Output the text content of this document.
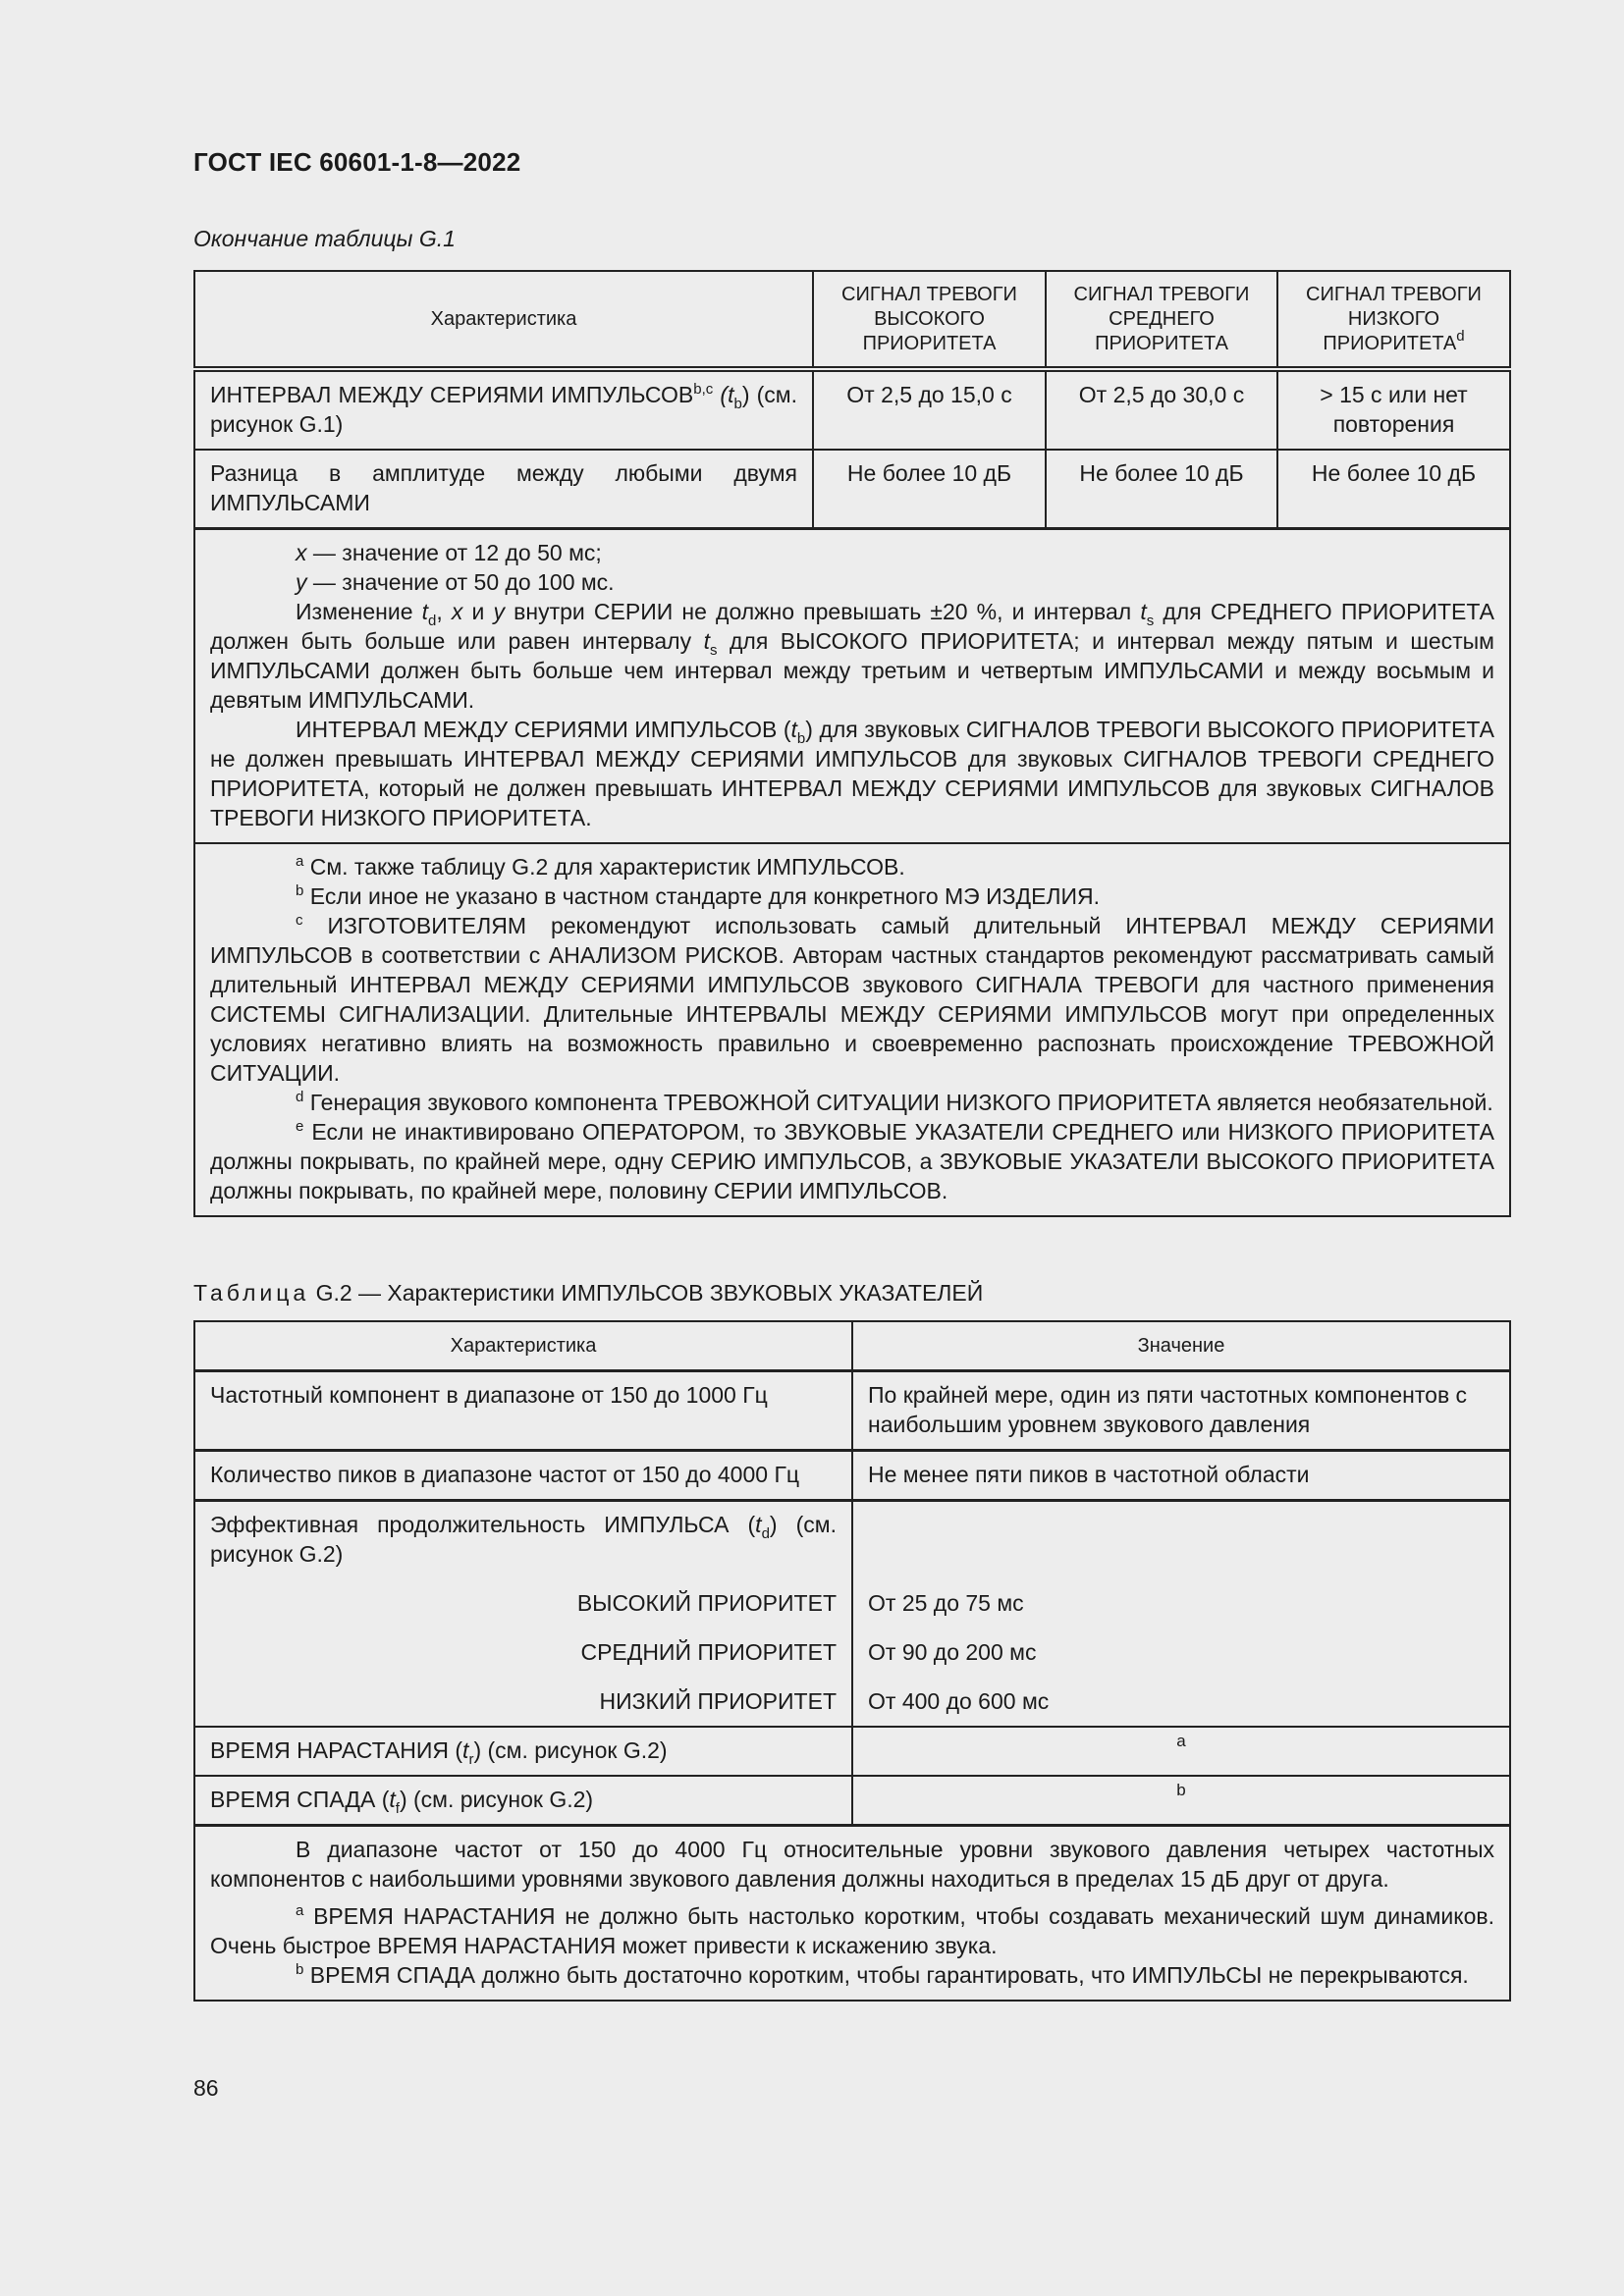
ГОСТ IEC 60601-1-8—2022
Окончание таблицы G.1
Характеристика	СИГНАЛ ТРЕВОГИ ВЫСОКОГО ПРИОРИТЕТА	СИГНАЛ ТРЕВОГИ СРЕДНЕГО ПРИОРИТЕТА	СИГНАЛ ТРЕВОГИ НИЗКОГО ПРИОРИТЕТА$^d$
ИНТЕРВАЛ МЕЖДУ СЕРИЯМИ ИМПУЛЬСОВ$^{b,c}$ $(t_b)$ (см. рисунок G.1)	От 2,5 до 15,0 с	От 2,5 до 30,0 с	> 15 с или нет повторения
Разница в амплитуде между любыми двумя ИМПУЛЬСАМИ	Не более 10 дБ	Не более 10 дБ	Не более 10 дБ

x — значение от 12 до 50 мс;

y — значение от 50 до 100 мс.

Изменение $t_d$, x и y внутри СЕРИИ не должно превышать ±20 %, и интервал $t_s$ для СРЕДНЕГО ПРИОРИТЕТА должен быть больше или равен интервалу $t_s$ для ВЫСОКОГО ПРИОРИТЕТА; и интервал между пятым и шестым ИМПУЛЬСАМИ должен быть больше чем интервал между третьим и четвертым ИМПУЛЬСАМИ и между восьмым и девятым ИМПУЛЬСАМИ.

ИНТЕРВАЛ МЕЖДУ СЕРИЯМИ ИМПУЛЬСОВ $(t_b)$ для звуковых СИГНАЛОВ ТРЕВОГИ ВЫСОКОГО ПРИОРИТЕТА не должен превышать ИНТЕРВАЛ МЕЖДУ СЕРИЯМИ ИМПУЛЬСОВ для звуковых СИГНАЛОВ ТРЕВОГИ СРЕДНЕГО ПРИОРИТЕТА, который не должен превышать ИНТЕРВАЛ МЕЖДУ СЕРИЯМИ ИМПУЛЬСОВ для звуковых СИГНАЛОВ ТРЕВОГИ НИЗКОГО ПРИОРИТЕТА.			

$^a$ См. также таблицу G.2 для характеристик ИМПУЛЬСОВ.

$^b$ Если иное не указано в частном стандарте для конкретного МЭ ИЗДЕЛИЯ.

$^c$ ИЗГОТОВИТЕЛЯМ рекомендуют использовать самый длительный ИНТЕРВАЛ МЕЖДУ СЕРИЯМИ ИМПУЛЬСОВ в соответствии с АНАЛИЗОМ РИСКОВ. Авторам частных стандартов рекомендуют рассматривать самый длительный ИНТЕРВАЛ МЕЖДУ СЕРИЯМИ ИМПУЛЬСОВ звукового СИГНАЛА ТРЕВОГИ для частного применения СИСТЕМЫ СИГНАЛИЗАЦИИ. Длительные ИНТЕРВАЛЫ МЕЖДУ СЕРИЯМИ ИМПУЛЬСОВ могут при определенных условиях негативно влиять на возможность правильно и своевременно распознать происхождение ТРЕВОЖНОЙ СИТУАЦИИ.

$^d$ Генерация звукового компонента ТРЕВОЖНОЙ СИТУАЦИИ НИЗКОГО ПРИОРИТЕТА является необязательной.

$^e$ Если не инактивировано ОПЕРАТОРОМ, то ЗВУКОВЫЕ УКАЗАТЕЛИ СРЕДНЕГО или НИЗКОГО ПРИОРИТЕТА должны покрывать, по крайней мере, одну СЕРИЮ ИМПУЛЬСОВ, а ЗВУКОВЫЕ УКАЗАТЕЛИ ВЫСОКОГО ПРИОРИТЕТА должны покрывать, по крайней мере, половину СЕРИИ ИМПУЛЬСОВ.			

Таблица G.2 — Характеристики ИМПУЛЬСОВ ЗВУКОВЫХ УКАЗАТЕЛЕЙ
Характеристика	Значение
Частотный компонент в диапазоне от 150 до 1000 Гц	По крайней мере, один из пяти частотных компонентов с наибольшим уровнем звукового давления
Количество пиков в диапазоне частот от 150 до 4000 Гц	Не менее пяти пиков в частотной области
Эффективная продолжительность ИМПУЛЬСА $(t_d)$ (см. рисунок G.2)	
ВЫСОКИЙ ПРИОРИТЕТ	От 25 до 75 мс
СРЕДНИЙ ПРИОРИТЕТ	От 90 до 200 мс
НИЗКИЙ ПРИОРИТЕТ	От 400 до 600 мс
ВРЕМЯ НАРАСТАНИЯ $(t_r)$ (см. рисунок G.2)	a
ВРЕМЯ СПАДА $(t_f)$ (см. рисунок G.2)	b

В диапазоне частот от 150 до 4000 Гц относительные уровни звукового давления четырех частотных компонентов с наибольшими уровнями звукового давления должны находиться в пределах 15 дБ друг от друга.

$^a$ ВРЕМЯ НАРАСТАНИЯ не должно быть настолько коротким, чтобы создавать механический шум динамиков. Очень быстрое ВРЕМЯ НАРАСТАНИЯ может привести к искажению звука.

$^b$ ВРЕМЯ СПАДА должно быть достаточно коротким, чтобы гарантировать, что ИМПУЛЬСЫ не перекрываются.	

86
